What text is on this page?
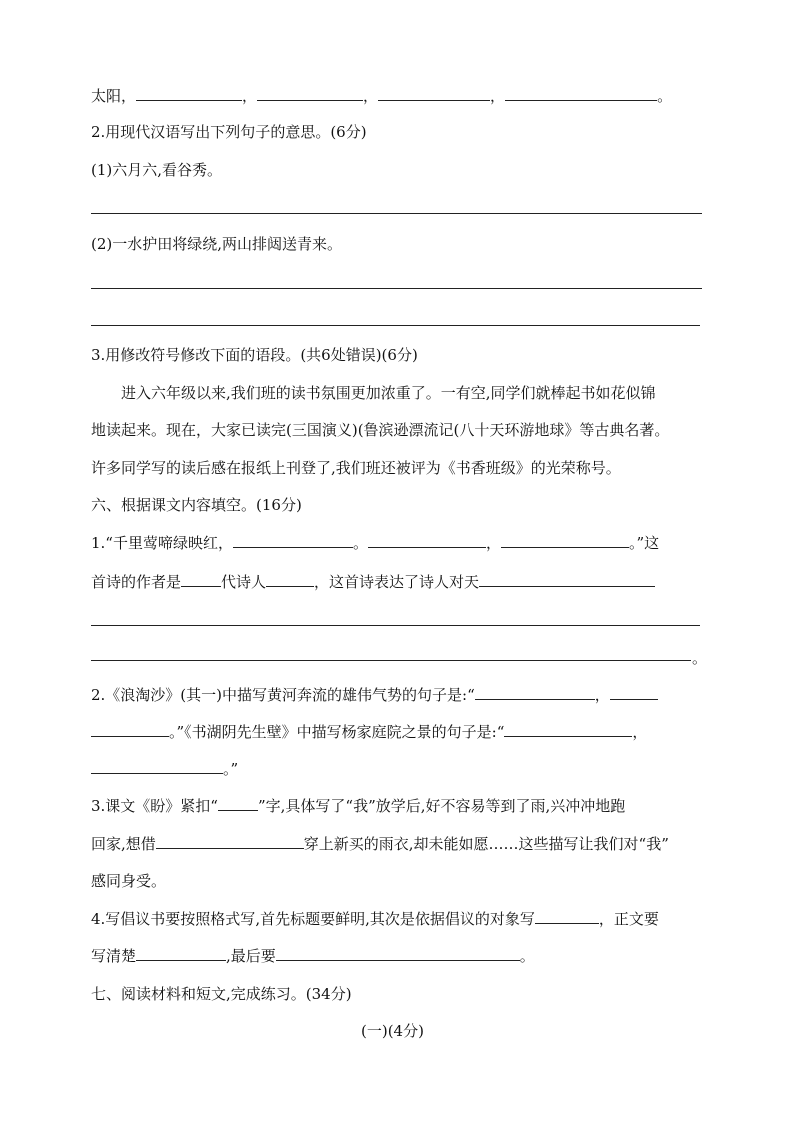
太阳，	，	，	，	。
2.用现代汉语写出下列句子的意思。(6分)
(1)六月六,看谷秀。
(2)一水护田将绿绕,两山排闼送青来。
3.用修改符号修改下面的语段。(共6处错误)(6分)
进入六年级以来,我们班的读书氛围更加浓重了。一有空,同学们就棒起书如花似锦
地读起来。现在，大家已读完(三国演义)(鲁滨逊漂流记(八十天环游地球》等古典名著。
许多同学写的读后感在报纸上刊登了,我们班还被评为《书香班级》的光荣称号。
六、根据课文内容填空。(16分)
1.“千里莺啼绿映红，	。	，	。”这
首诗的作者是	代诗人	，这首诗表达了诗人对天
。
2.《浪淘沙》(其一)中描写黄河奔流的雄伟气势的句子是:“	，
。”《书湖阴先生壁》中描写杨家庭院之景的句子是:“	，
。”
3.课文《盼》紧扣“	”字,具体写了“我”放学后,好不容易等到了雨,兴冲冲地跑
回家,想借	穿上新买的雨衣,却未能如愿……这些描写让我们对“我”
感同身受。
4.写倡议书要按照格式写,首先标题要鲜明,其次是依据倡议的对象写	，正文要
写清楚	,最后要	。
七、阅读材料和短文,完成练习。(34分)
(一)(4分)
